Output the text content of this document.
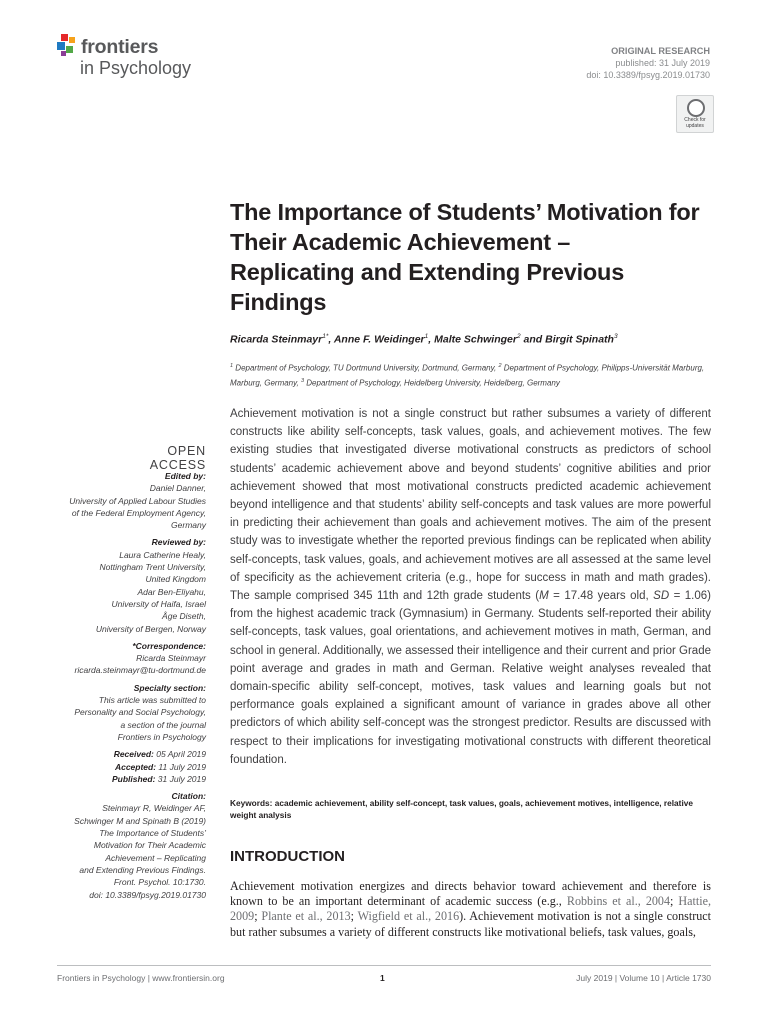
frontiers
in Psychology
ORIGINAL RESEARCH
published: 31 July 2019
doi: 10.3389/fpsyg.2019.01730
Check for updates
The Importance of Students’ Motivation for Their Academic Achievement – Replicating and Extending Previous Findings
Ricarda Steinmayr$^{1*}$, Anne F. Weidinger$^1$, Malte Schwinger$^2$ and Birgit Spinath$^3$
$^1$ Department of Psychology, TU Dortmund University, Dortmund, Germany, $^2$ Department of Psychology, Philipps-Universität Marburg, Marburg, Germany, $^3$ Department of Psychology, Heidelberg University, Heidelberg, Germany
OPEN ACCESS
Edited by:
Daniel Danner,
University of Applied Labour Studies
of the Federal Employment Agency,
Germany
Reviewed by:
Laura Catherine Healy,
Nottingham Trent University,
United Kingdom
Adar Ben-Eliyahu,
University of Haifa, Israel
Åge Diseth,
University of Bergen, Norway
*Correspondence:
Ricarda Steinmayr
ricarda.steinmayr@tu-dortmund.de
Specialty section:
This article was submitted to
Personality and Social Psychology,
a section of the journal
Frontiers in Psychology
Received: 05 April 2019
Accepted: 11 July 2019
Published: 31 July 2019
Citation:
Steinmayr R, Weidinger AF,
Schwinger M and Spinath B (2019)
The Importance of Students’
Motivation for Their Academic
Achievement – Replicating
and Extending Previous Findings.
Front. Psychol. 10:1730.
doi: 10.3389/fpsyg.2019.01730
Achievement motivation is not a single construct but rather subsumes a variety of different constructs like ability self-concepts, task values, goals, and achievement motives. The few existing studies that investigated diverse motivational constructs as predictors of school students’ academic achievement above and beyond students’ cognitive abilities and prior achievement showed that most motivational constructs predicted academic achievement beyond intelligence and that students’ ability self-concepts and task values are more powerful in predicting their achievement than goals and achievement motives. The aim of the present study was to investigate whether the reported previous findings can be replicated when ability self-concepts, task values, goals, and achievement motives are all assessed at the same level of specificity as the achievement criteria (e.g., hope for success in math and math grades). The sample comprised 345 11th and 12th grade students (M = 17.48 years old, SD = 1.06) from the highest academic track (Gymnasium) in Germany. Students self-reported their ability self-concepts, task values, goal orientations, and achievement motives in math, German, and school in general. Additionally, we assessed their intelligence and their current and prior Grade point average and grades in math and German. Relative weight analyses revealed that domain-specific ability self-concept, motives, task values and learning goals but not performance goals explained a significant amount of variance in grades above all other predictors of which ability self-concept was the strongest predictor. Results are discussed with respect to their implications for investigating motivational constructs with different theoretical foundation.
Keywords: academic achievement, ability self-concept, task values, goals, achievement motives, intelligence, relative weight analysis
INTRODUCTION
Achievement motivation energizes and directs behavior toward achievement and therefore is known to be an important determinant of academic success (e.g., Robbins et al., 2004; Hattie, 2009; Plante et al., 2013; Wigfield et al., 2016). Achievement motivation is not a single construct but rather subsumes a variety of different constructs like motivational beliefs, task values, goals,
Frontiers in Psychology | www.frontiersin.org	1	July 2019 | Volume 10 | Article 1730
